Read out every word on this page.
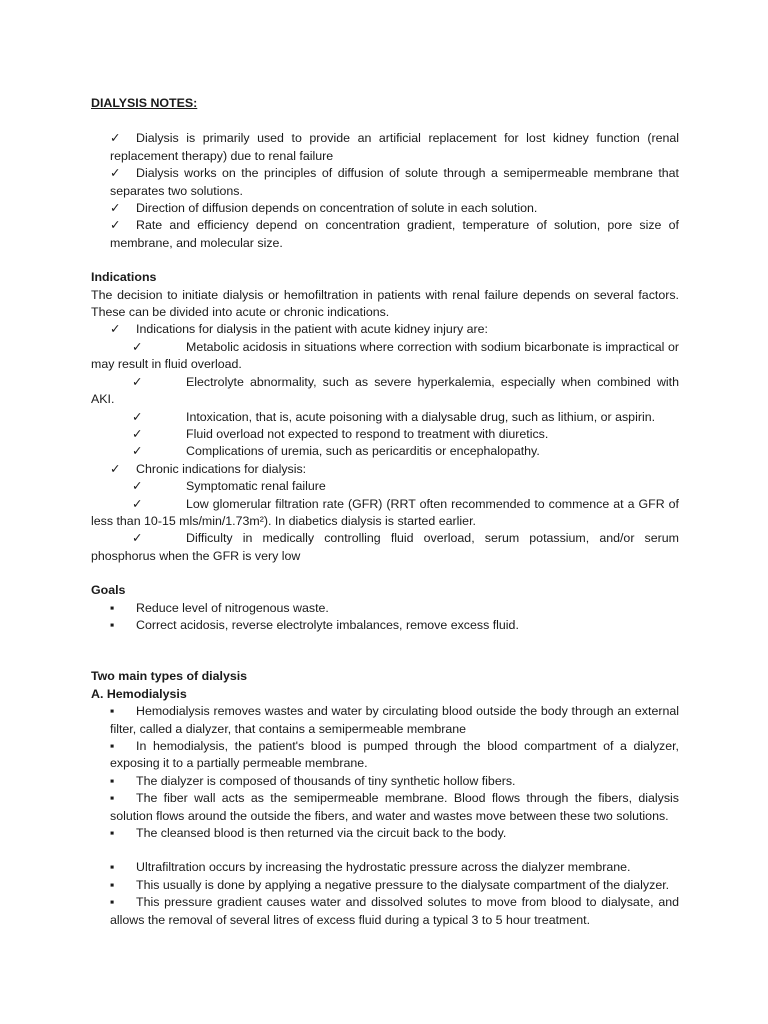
DIALYSIS NOTES:
✓ Dialysis is primarily used to provide an artificial replacement for lost kidney function (renal replacement therapy) due to renal failure
✓ Dialysis works on the principles of diffusion of solute through a semipermeable membrane that separates two solutions.
✓ Direction of diffusion depends on concentration of solute in each solution.
✓ Rate and efficiency depend on concentration gradient, temperature of solution, pore size of membrane, and molecular size.
Indications
The decision to initiate dialysis or hemofiltration in patients with renal failure depends on several factors. These can be divided into acute or chronic indications.
✓ Indications for dialysis in the patient with acute kidney injury are:
✓	Metabolic acidosis in situations where correction with sodium bicarbonate is impractical or may result in fluid overload.
✓	Electrolyte abnormality, such as severe hyperkalemia, especially when combined with AKI.
✓	Intoxication, that is, acute poisoning with a dialysable drug, such as lithium, or aspirin.
✓	Fluid overload not expected to respond to treatment with diuretics.
✓	Complications of uremia, such as pericarditis or encephalopathy.
✓ Chronic indications for dialysis:
✓	Symptomatic renal failure
✓	Low glomerular filtration rate (GFR) (RRT often recommended to commence at a GFR of less than 10-15 mls/min/1.73m²). In diabetics dialysis is started earlier.
✓	Difficulty in medically controlling fluid overload, serum potassium, and/or serum phosphorus when the GFR is very low
Goals
▪ Reduce level of nitrogenous waste.
▪ Correct acidosis, reverse electrolyte imbalances, remove excess fluid.
Two main types of dialysis
A. Hemodialysis
▪ Hemodialysis removes wastes and water by circulating blood outside the body through an external filter, called a dialyzer, that contains a semipermeable membrane
▪ In hemodialysis, the patient's blood is pumped through the blood compartment of a dialyzer, exposing it to a partially permeable membrane.
▪ The dialyzer is composed of thousands of tiny synthetic hollow fibers.
▪ The fiber wall acts as the semipermeable membrane. Blood flows through the fibers, dialysis solution flows around the outside the fibers, and water and wastes move between these two solutions.
▪ The cleansed blood is then returned via the circuit back to the body.
▪ Ultrafiltration occurs by increasing the hydrostatic pressure across the dialyzer membrane.
▪ This usually is done by applying a negative pressure to the dialysate compartment of the dialyzer.
▪ This pressure gradient causes water and dissolved solutes to move from blood to dialysate, and allows the removal of several litres of excess fluid during a typical 3 to 5 hour treatment.
